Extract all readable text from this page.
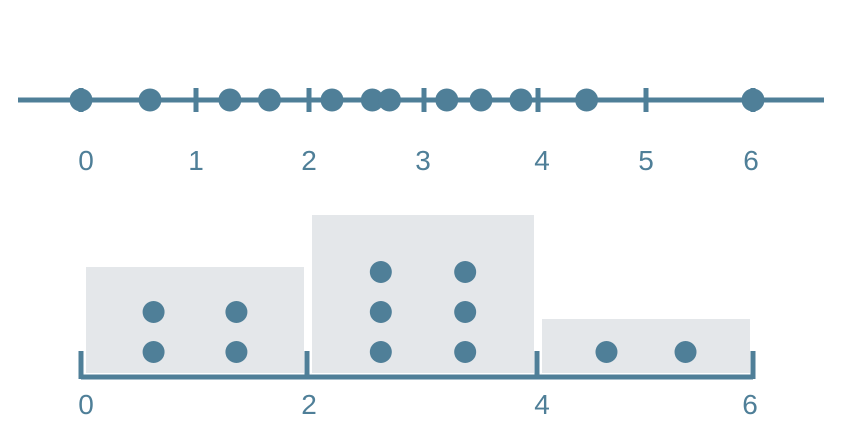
0	1	2	3	4	5	6
0	2	4	6
